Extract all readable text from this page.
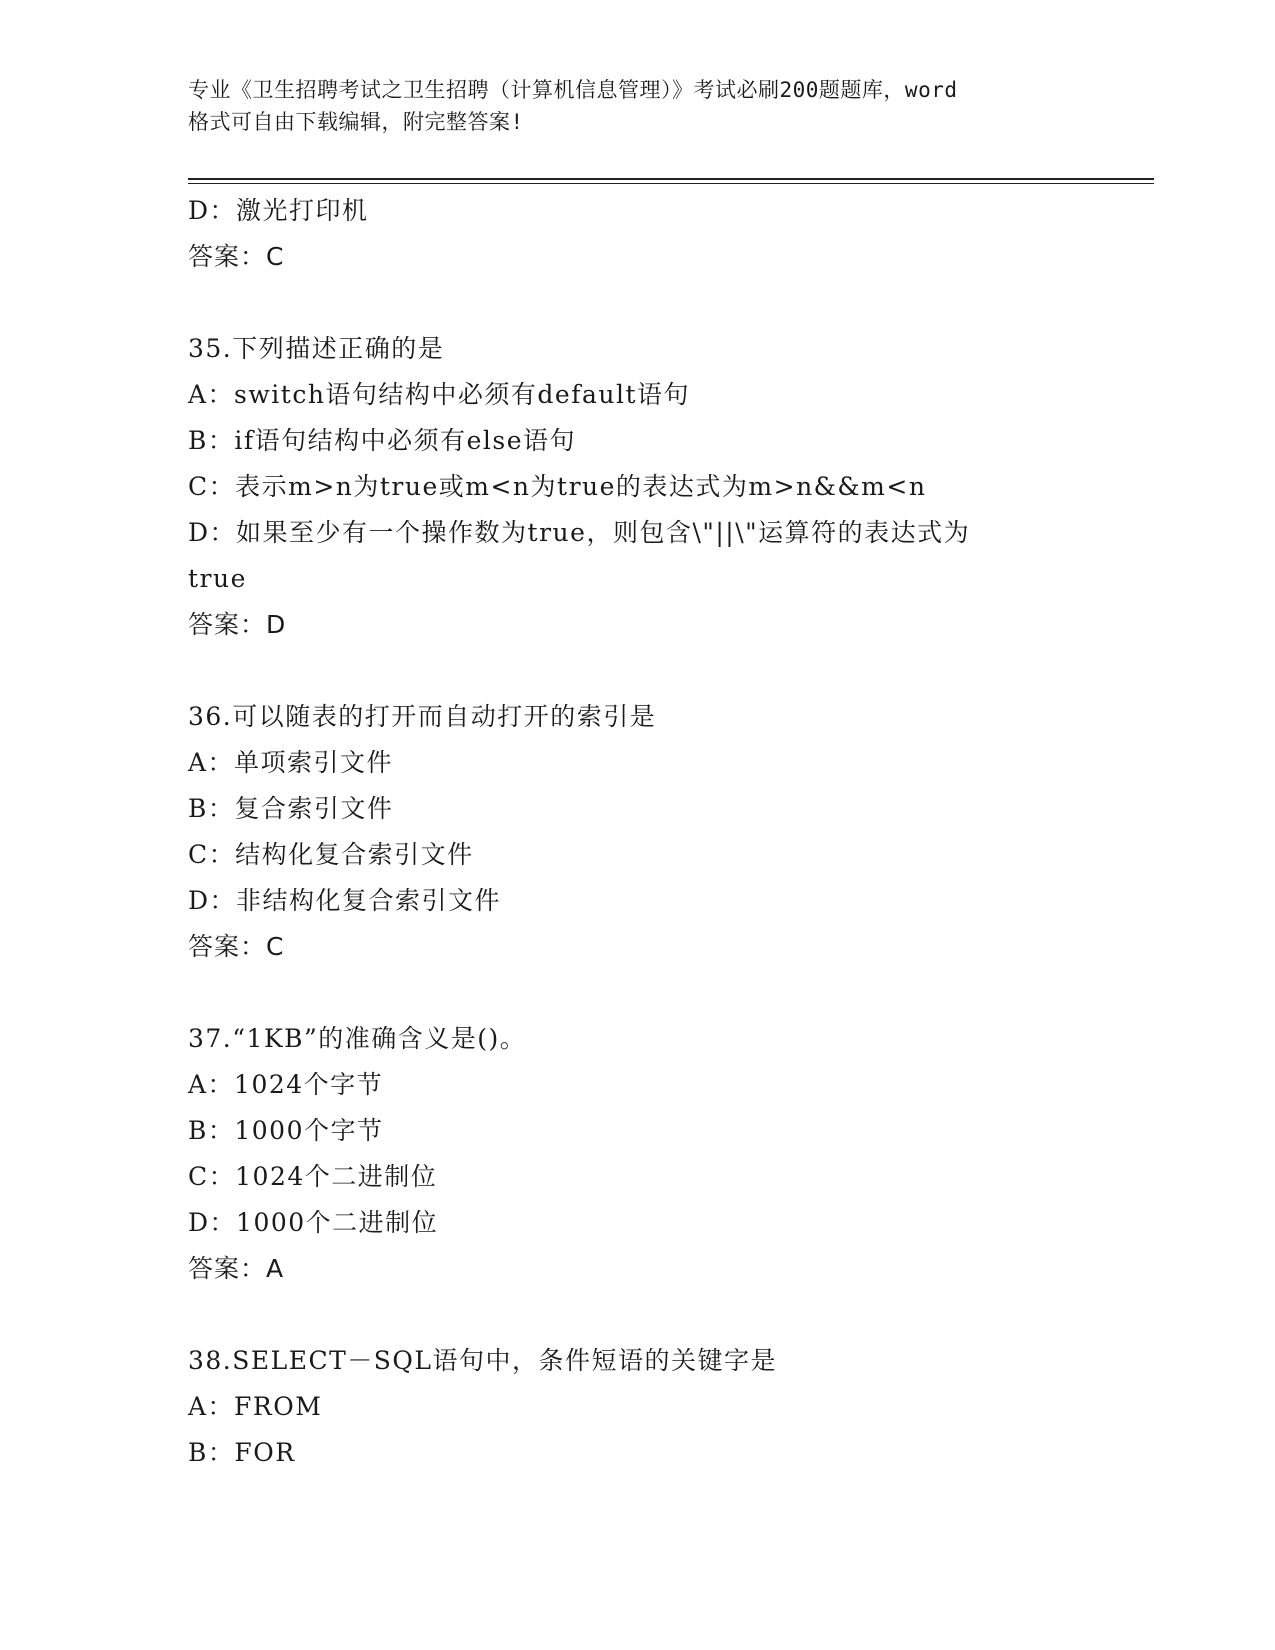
专业《卫生招聘考试之卫生招聘（计算机信息管理）》考试必刷200题题库，word
格式可自由下载编辑，附完整答案!
D：激光打印机
答案：C
35.下列描述正确的是
A：switch语句结构中必须有default语句
B：if语句结构中必须有else语句
C：表示m>n为true或m<n为true的表达式为m>n&&m<n
D：如果至少有一个操作数为true，则包含\"||\"运算符的表达式为
true
答案：D
36.可以随表的打开而自动打开的索引是
A：单项索引文件
B：复合索引文件
C：结构化复合索引文件
D：非结构化复合索引文件
答案：C
37.“1KB”的准确含义是()。
A：1024个字节
B：1000个字节
C：1024个二进制位
D：1000个二进制位
答案：A
38.SELECT－SQL语句中，条件短语的关键字是
A：FROM
B：FOR
